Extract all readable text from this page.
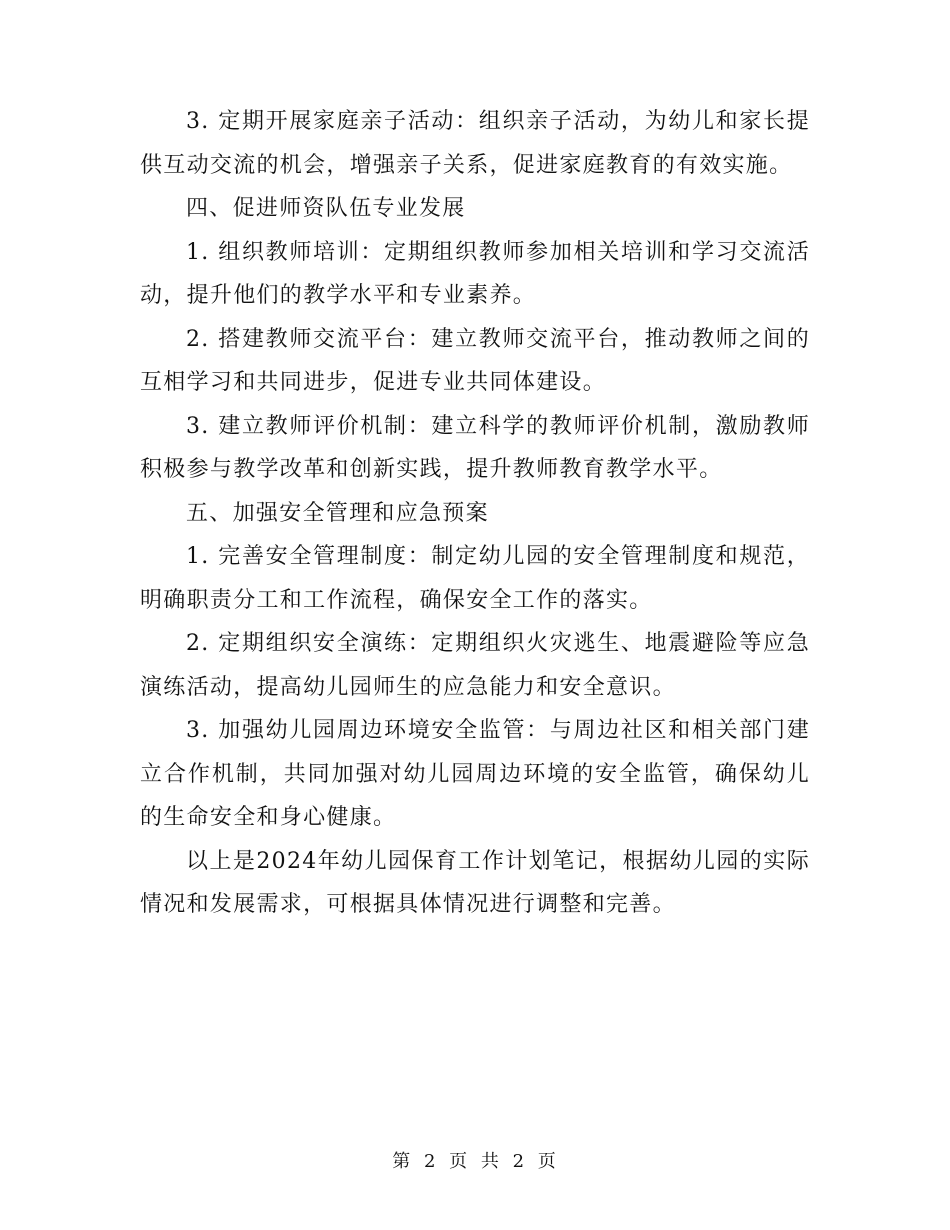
3. 定期开展家庭亲子活动：组织亲子活动，为幼儿和家长提供互动交流的机会，增强亲子关系，促进家庭教育的有效实施。

四、促进师资队伍专业发展

1. 组织教师培训：定期组织教师参加相关培训和学习交流活动，提升他们的教学水平和专业素养。

2. 搭建教师交流平台：建立教师交流平台，推动教师之间的互相学习和共同进步，促进专业共同体建设。

3. 建立教师评价机制：建立科学的教师评价机制，激励教师积极参与教学改革和创新实践，提升教师教育教学水平。

五、加强安全管理和应急预案

1. 完善安全管理制度：制定幼儿园的安全管理制度和规范，明确职责分工和工作流程，确保安全工作的落实。

2. 定期组织安全演练：定期组织火灾逃生、地震避险等应急演练活动，提高幼儿园师生的应急能力和安全意识。

3. 加强幼儿园周边环境安全监管：与周边社区和相关部门建立合作机制，共同加强对幼儿园周边环境的安全监管，确保幼儿的生命安全和身心健康。

以上是2024年幼儿园保育工作计划笔记，根据幼儿园的实际情况和发展需求，可根据具体情况进行调整和完善。

第 2 页 共 2 页
